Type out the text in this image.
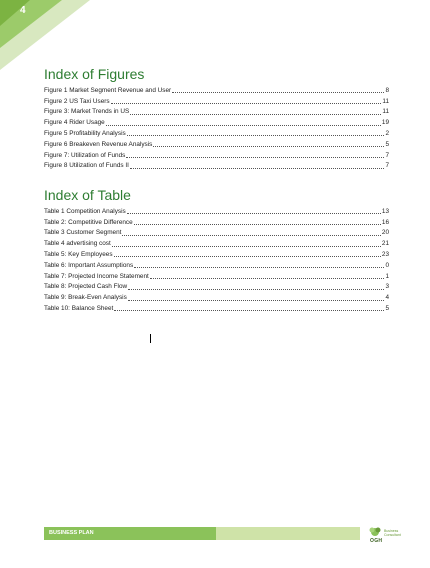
4
Index of Figures
Figure 1 Market Segment Revenue and User	8
Figure 2 US Taxi Users	11
Figure 3: Market Trends in US	11
Figure 4 Rider Usage	19
Figure 5 Profitability Analysis	2
Figure 6 Breakeven Revenue Analysis	5
Figure 7: Utilization of Funds	7
Figure 8 Utilization of Funds II	7
Index of Table
Table 1 Competition Analysis	13
Table 2: Competitive Difference	16
Table 3 Customer Segment	20
Table 4 advertising cost	21
Table 5: Key Employees	23
Table 6: Important Assumptions	0
Table 7: Projected Income Statement	1
Table 8: Projected Cash Flow	3
Table 9: Break-Even Analysis	4
Table 10: Balance Sheet	5
BUSINESS PLAN
OGH
Business
Consultant
